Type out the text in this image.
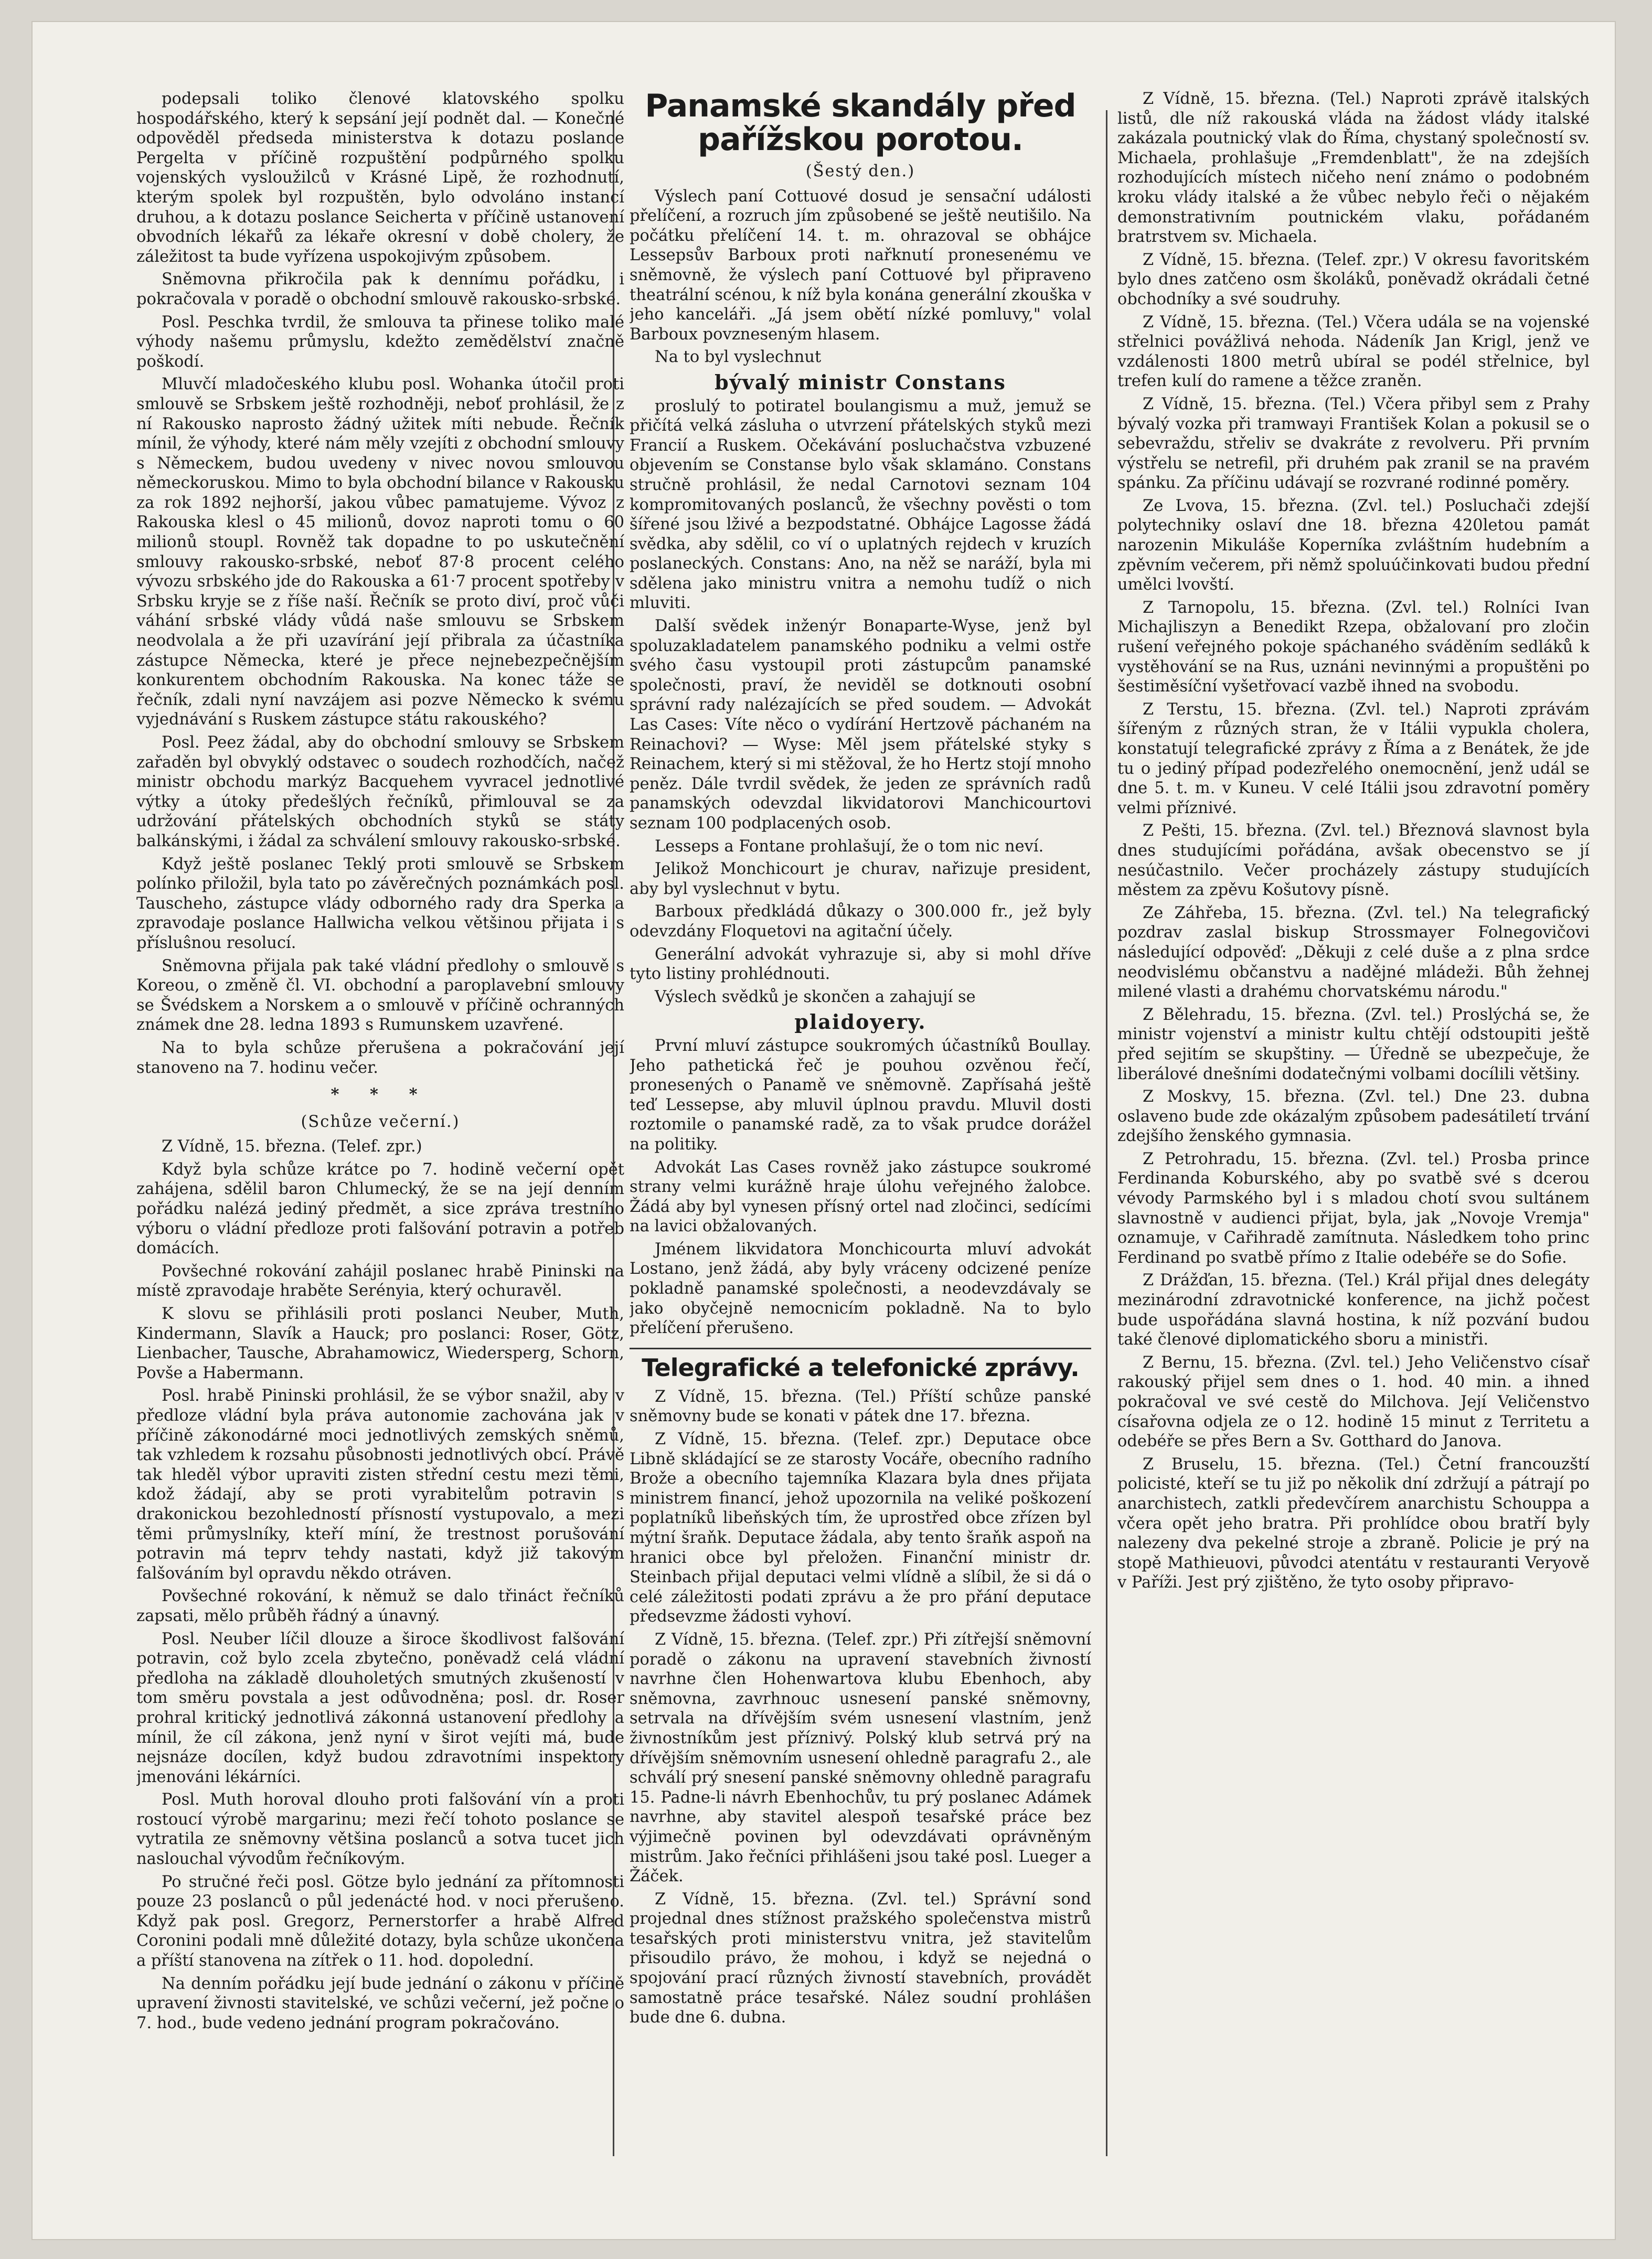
podepsali toliko členové klatovského spolku hospodářského, který k sepsání její podnět dal. — Konečné odpověděl předseda ministerstva k dotazu poslance Pergelta v příčině rozpuštění podpůrného spolku vojenských vysloužilců v Krásné Lipě, že rozhodnutí, kterým spolek byl rozpuštěn, bylo odvoláno instancí druhou, a k dotazu poslance Seicherta v příčině ustanovení obvodních lékařů za lékaře okresní v době cholery, že záležitost ta bude vyřízena uspokojivým způsobem.

Sněmovna přikročila pak k dennímu pořádku, i pokračovala v poradě o obchodní smlouvě rakousko-srbské.

Posl. Peschka tvrdil, že smlouva ta přinese toliko malé výhody našemu průmyslu, kdežto zemědělství značně poškodí.

Mluvčí mladočeského klubu posl. Wohanka útočil proti smlouvě se Srbskem ještě rozhodněji, neboť prohlásil, že z ní Rakousko naprosto žádný užitek míti nebude. Řečník mínil, že výhody, které nám měly vzejíti z obchodní smlouvy s Německem, budou uvedeny v nivec novou smlouvou německoruskou. Mimo to byla obchodní bilance v Rakousku za rok 1892 nejhorší, jakou vůbec pamatujeme. Vývoz z Rakouska klesl o 45 milionů, dovoz naproti tomu o 60 milionů stoupl. Rovněž tak dopadne to po uskutečnění smlouvy rakousko-srbské, neboť 87·8 procent celého vývozu srbského jde do Rakouska a 61·7 procent spotřeby v Srbsku kryje se z říše naší. Řečník se proto diví, proč vůči váhání srbské vlády vůdá naše smlouvu se Srbskem neodvolala a že při uzavírání její přibrala za účastníka zástupce Německa, které je přece nejnebezpečnějším konkurentem obchodním Rakouska. Na konec táže se řečník, zdali nyní navzájem asi pozve Německo k svému vyjednávání s Ruskem zástupce státu rakouského?

Posl. Peez žádal, aby do obchodní smlouvy se Srbskem zařaděn byl obvyklý odstavec o soudech rozhodčích, načež ministr obchodu markýz Bacquehem vyvracel jednotlivé výtky a útoky předešlých řečníků, přimlouval se za udržování přátelských obchodních styků se státy balkánskými, i žádal za schválení smlouvy rakousko-srbské.

Když ještě poslanec Teklý proti smlouvě se Srbskem polínko přiložil, byla tato po závěrečných poznámkách posl. Tauscheho, zástupce vlády odborného rady dra Sperka a zpravodaje poslance Hallwicha velkou většinou přijata i s přísluŝnou resolucí.

Sněmovna přijala pak také vládní předlohy o smlouvě s Koreou, o změně čl. VI. obchodní a paroplavební smlouvy se Švédskem a Norskem a o smlouvě v příčině ochranných známek dne 28. ledna 1893 s Rumunskem uzavřené.

Na to byla schůze přerušena a pokračování její stanoveno na 7. hodinu večer.

* * *
(Schůze večerní.)

Z Vídně, 15. března. (Telef. zpr.)

Když byla schůze krátce po 7. hodině večerní opět zahájena, sdělil baron Chlumecký, že se na její denním pořádku nalézá jediný předmět, a sice zpráva trestního výboru o vládní předloze proti falšování potravin a potřeb domácích.

Povšechné rokování zahájil poslanec hrabě Pininski na místě zpravodaje hraběte Serényia, který ochuravěl.

K slovu se přihlásili proti poslanci Neuber, Muth, Kindermann, Slavík a Hauck; pro poslanci: Roser, Götz, Lienbacher, Tausche, Abrahamowicz, Wiedersperg, Schorn, Povše a Habermann.

Posl. hrabě Pininski prohlásil, že se výbor snažil, aby v předloze vládní byla práva autonomie zachována jak v příčině zákonodárné moci jednotlivých zemských sněmů, tak vzhledem k rozsahu působnosti jednotlivých obcí. Právě tak hleděl výbor upraviti zisten střední cestu mezi těmi, kdož žádají, aby se proti vyrabitelům potravin s drakonickou bezohledností přísností vystupovalo, a mezi těmi průmyslníky, kteří míní, že trestnost porušování potravin má teprv tehdy nastati, když již takovým falšováním byl opravdu někdo otráven.

Povšechné rokování, k němuž se dalo třináct řečníků zapsati, mělo průběh řádný a únavný.

Posl. Neuber líčil dlouze a široce škodlivost falšování potravin, což bylo zcela zbytečno, poněvadž celá vládní předloha na základě dlouholetých smutných zkušeností v tom směru povstala a jest odůvodněna; posl. dr. Roser prohral kritický jednotlivá zákonná ustanovení předlohy a mínil, že cíl zákona, jenž nyní v širot vejíti má, bude nejsnáze docílen, když budou zdravotními inspektory jmenováni lékárníci.

Posl. Muth horoval dlouho proti falšování vín a proti rostoucí výrobě margarinu; mezi řečí tohoto poslance se vytratila ze sněmovny většina poslanců a sotva tucet jich naslouchal vývodům řečníkovým.

Po stručné řeči posl. Götze bylo jednání za přítomnosti pouze 23 poslanců o půl jedenácté hod. v noci přerušeno. Když pak posl. Gregorz, Pernerstorfer a hrabě Alfred Coronini podali mně důležité dotazy, byla schůze ukončena a příští stanovena na zítřek o 11. hod. dopolední.

Na denním pořádku její bude jednání o zákonu v příčině upravení živnosti stavitelské, ve schůzi večerní, jež počne o 7. hod., bude vedeno jednání program pokračováno.

Panamské skandály před pařížskou porotou.
(Šestý den.)

Výslech paní Cottuové dosud je sensační události přelíčení, a rozruch jím způsobené se ještě neutišilo. Na počátku přelíčení 14. t. m. ohrazoval se obhájce Lessepsův Barboux proti nařknutí pronesenému ve sněmovně, že výslech paní Cottuové byl připraveno theatrální scénou, k níž byla konána generální zkouška v jeho kanceláři. „Já jsem obětí nízké pomluvy," volal Barboux povzneseným hlasem.

Na to byl vyslechnut

bývalý ministr Constans

proslulý to potiratel boulangismu a muž, jemuž se přičítá velká zásluha o utvrzení přátelských styků mezi Francií a Ruskem. Očekávání posluchačstva vzbuzené objevením se Constanse bylo však sklamáno. Constans stručně prohlásil, že nedal Carnotovi seznam 104 kompromitovaných poslanců, že všechny pověsti o tom šířené jsou lživé a bezpodstatné. Obhájce Lagosse žádá svědka, aby sdělil, co ví o uplatných rejdech v kruzích poslaneckých. Constans: Ano, na něž se naráží, byla mi sdělena jako ministru vnitra a nemohu tudíž o nich mluviti.

Další svědek inženýr Bonaparte-Wyse, jenž byl spoluzakladatelem panamského podniku a velmi ostře svého času vystoupil proti zástupcům panamské společnosti, praví, že neviděl se dotknouti osobní správní rady nalézajících se před soudem. — Advokát Las Cases: Víte něco o vydírání Hertzově páchaném na Reinachovi? — Wyse: Měl jsem přátelské styky s Reinachem, který si mi stěžoval, že ho Hertz stojí mnoho peněz. Dále tvrdil svědek, že jeden ze správních radů panamských odevzdal likvidatorovi Manchicourtovi seznam 100 podplacených osob.

Lesseps a Fontane prohlašují, že o tom nic neví.

Jelikož Monchicourt je churav, nařizuje president, aby byl vyslechnut v bytu.

Barboux předkládá důkazy o 300.000 fr., jež byly odevzdány Floquetovi na agitační účely.

Generální advokát vyhrazuje si, aby si mohl dříve tyto listiny prohlédnouti.

Výslech svědků je skončen a zahajují se

plaidoyery.

První mluví zástupce soukromých účastníků Boullay. Jeho pathetická řeč je pouhou ozvěnou řečí, pronesených o Panamě ve sněmovně. Zapřísahá ještě teď Lessepse, aby mluvil úplnou pravdu. Mluvil dosti roztomile o panamské radě, za to však prudce dorážel na politiky.

Advokát Las Cases rovněž jako zástupce soukromé strany velmi kurážně hraje úlohu veřejného žalobce. Žádá aby byl vynesen přísný ortel nad zločinci, sedícími na lavici obžalovaných.

Jménem likvidatora Monchicourta mluví advokát Lostano, jenž žádá, aby byly vráceny odcizené peníze pokladně panamské společnosti, a neodevzdávaly se jako obyčejně nemocnicím pokladně. Na to bylo přelíčení přerušeno.

Telegrafické a telefonické zprávy.

Z Vídně, 15. března. (Tel.) Příští schůze panské sněmovny bude se konati v pátek dne 17. března.

Z Vídně, 15. března. (Telef. zpr.) Deputace obce Libně skládající se ze starosty Vocáře, obecního radního Brože a obecního tajemníka Klazara byla dnes přijata ministrem financí, jehož upozornila na veliké poškození poplatníků libeňských tím, že uprostřed obce zřízen byl mýtní šraňk. Deputace žádala, aby tento šraňk aspoň na hranici obce byl přeložen. Finanční ministr dr. Steinbach přijal deputaci velmi vlídně a slíbil, že si dá o celé záležitosti podati zprávu a že pro přání deputace předsevzme žádosti vyhoví.

Z Vídně, 15. března. (Telef. zpr.) Při zítřejší sněmovní poradě o zákonu na upravení stavebních živností navrhne člen Hohenwartova klubu Ebenhoch, aby sněmovna, zavrhnouc usnesení panské sněmovny, setrvala na dřívějším svém usnesení vlastním, jenž živnostníkům jest příznivý. Polský klub setrvá prý na dřívějším sněmovním usnesení ohledně paragrafu 2., ale schválí prý snesení panské sněmovny ohledně paragrafu 15. Padne-li návrh Ebenhochův, tu prý poslanec Adámek navrhne, aby stavitel alespoň tesařské práce bez výjimečně povinen byl odevzdávati oprávněným mistrům. Jako řečníci přihlášeni jsou také posl. Lueger a Žáček.

Z Vídně, 15. března. (Zvl. tel.) Správní sond projednal dnes stížnost pražského společenstva mistrů tesařských proti ministerstvu vnitra, jež stavitelům přisoudilo právo, že mohou, i když se nejedná o spojování prací různých živností stavebních, provádět samostatně práce tesařské. Nález soudní prohlášen bude dne 6. dubna.

Z Vídně, 15. března. (Tel.) Naproti zprávě italských listů, dle níž rakouská vláda na žádost vlády italské zakázala poutnický vlak do Říma, chystaný společností sv. Michaela, prohlašuje „Fremdenblatt", že na zdejších rozhodujících místech ničeho není známo o podobném kroku vlády italské a že vůbec nebylo řeči o nějakém demonstrativním poutnickém vlaku, pořádaném bratrstvem sv. Michaela.

Z Vídně, 15. března. (Telef. zpr.) V okresu favoritském bylo dnes zatčeno osm školáků, poněvadž okrádali četné obchodníky a své soudruhy.

Z Vídně, 15. března. (Tel.) Včera udála se na vojenské střelnici povážlivá nehoda. Nádeník Jan Krigl, jenž ve vzdálenosti 1800 metrů ubíral se podél střelnice, byl trefen kulí do ramene a těžce zraněn.

Z Vídně, 15. března. (Tel.) Včera přibyl sem z Prahy bývalý vozka při tramwayi František Kolan a pokusil se o sebevraždu, střeliv se dvakráte z revolveru. Při prvním výstřelu se netrefil, při druhém pak zranil se na pravém spánku. Za příčinu udávají se rozvrané rodinné poměry.

Ze Lvova, 15. března. (Zvl. tel.) Posluchači zdejší polytechniky oslaví dne 18. března 420letou památ narozenin Mikuláše Koperníka zvláštním hudebním a zpěvním večerem, při němž spoluúčinkovati budou přední umělci lvovští.

Z Tarnopolu, 15. března. (Zvl. tel.) Rolníci Ivan Michajliszyn a Benedikt Rzepa, obžalovaní pro zločin rušení veřejného pokoje spáchaného sváděním sedláků k vystěhování se na Rus, uznáni nevinnými a propuštěni po šestiměsíční vyšetřovací vazbě ihned na svobodu.

Z Terstu, 15. března. (Zvl. tel.) Naproti zprávám šířeným z různých stran, že v Itálii vypukla cholera, konstatují telegrafické zprávy z Říma a z Benátek, že jde tu o jediný případ podezřelého onemocnění, jenž udál se dne 5. t. m. v Kuneu. V celé Itálii jsou zdravotní poměry velmi příznivé.

Z Pešti, 15. března. (Zvl. tel.) Březnová slavnost byla dnes studujícími pořádána, avšak obecenstvo se jí nesúčastnilo. Večer procházely zástupy studujících městem za zpěvu Košutovy písně.

Ze Záhřeba, 15. března. (Zvl. tel.) Na telegrafický pozdrav zaslal biskup Strossmayer Folnegovičovi následující odpověď: „Děkuji z celé duše a z plna srdce neodvislému občanstvu a nadějné mládeži. Bůh žehnej milené vlasti a drahému chorvatskému národu."

Z Bělehradu, 15. března. (Zvl. tel.) Proslýchá se, že ministr vojenství a ministr kultu chtějí odstoupiti ještě před sejitím se skupštiny. — Úředně se ubezpečuje, že liberálové dnešními dodatečnými volbami docílili většiny.

Z Moskvy, 15. března. (Zvl. tel.) Dne 23. dubna oslaveno bude zde okázalým způsobem padesátiletí trvání zdejšího ženského gymnasia.

Z Petrohradu, 15. března. (Zvl. tel.) Prosba prince Ferdinanda Koburského, aby po svatbě své s dcerou vévody Parmského byl i s mladou chotí svou sultánem slavnostně v audienci přijat, byla, jak „Novoje Vremja" oznamuje, v Cařihradě zamítnuta. Následkem toho princ Ferdinand po svatbě přímo z Italie odebéře se do Sofie.

Z Drážďan, 15. března. (Tel.) Král přijal dnes delegáty mezinárodní zdravotnické konference, na jichž počest bude uspořádána slavná hostina, k níž pozvání budou také členové diplomatického sboru a ministři.

Z Bernu, 15. března. (Zvl. tel.) Jeho Veličenstvo císař rakouský přijel sem dnes o 1. hod. 40 min. a ihned pokračoval ve své cestě do Milchova. Její Veličenstvo císařovna odjela ze o 12. hodině 15 minut z Territetu a odebéře se přes Bern a Sv. Gotthard do Janova.

Z Bruselu, 15. března. (Tel.) Četní francouzští policisté, kteří se tu již po několik dní zdržují a pátrají po anarchistech, zatkli předevčírem anarchistu Schouppa a včera opět jeho bratra. Při prohlídce obou bratří byly nalezeny dva pekelné stroje a zbraně. Policie je prý na stopě Mathieuovi, původci atentátu v restauranti Veryově v Paříži. Jest prý zjištěno, že tyto osoby připravo-
